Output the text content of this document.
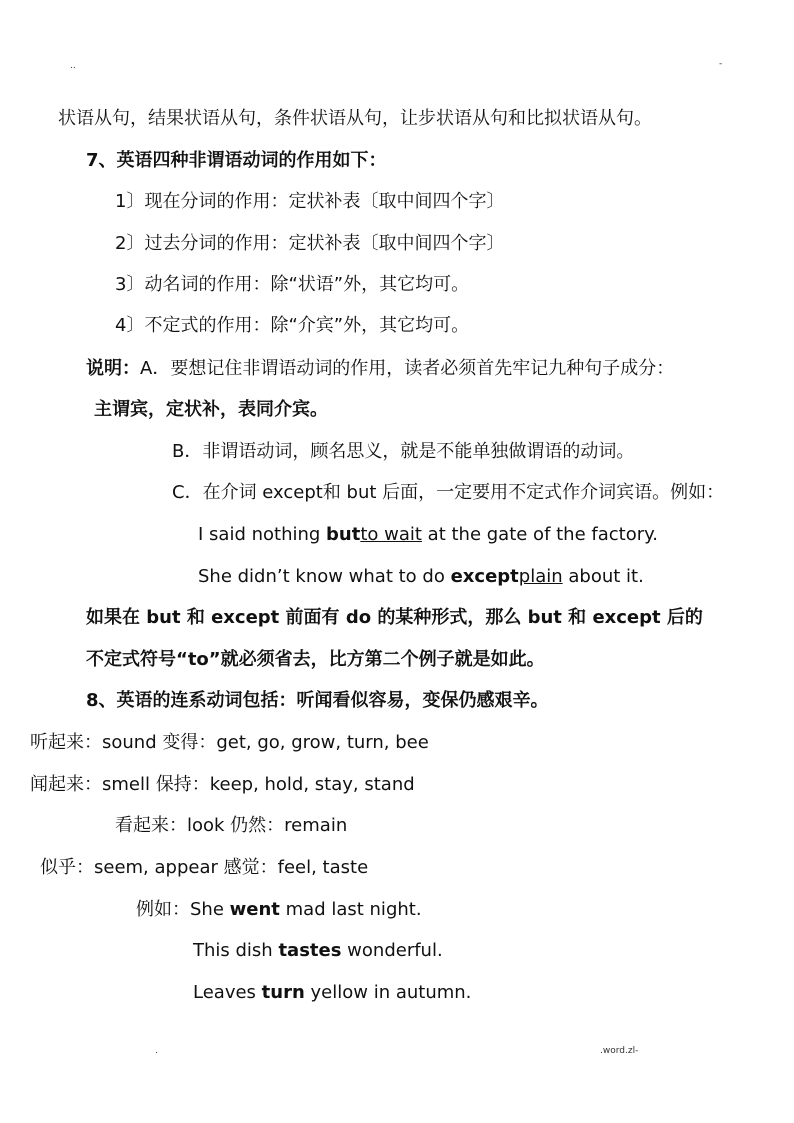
..	-
状语从句，结果状语从句，条件状语从句，让步状语从句和比拟状语从句。
7、英语四种非谓语动词的作用如下：
1〕现在分词的作用：定状补表〔取中间四个字〕
2〕过去分词的作用：定状补表〔取中间四个字〕
3〕动名词的作用：除“状语”外，其它均可。
4〕不定式的作用：除“介宾”外，其它均可。
说明：A．要想记住非谓语动词的作用，读者必须首先牢记九种句子成分：
主谓宾，定状补，表同介宾。
B．非谓语动词，顾名思义，就是不能单独做谓语的动词。
C．在介词 except和 but 后面，一定要用不定式作介词宾语。例如：
I said nothing butto wait at the gate of the factory.
She didn’t know what to do exceptplain about it.
如果在 but 和 except 前面有 do 的某种形式，那么 but 和 except 后的
不定式符号“to”就必须省去，比方第二个例子就是如此。
8、英语的连系动词包括：听闻看似容易，变保仍感艰辛。
听起来：sound 变得：get, go, grow, turn, bee
闻起来：smell 保持：keep, hold, stay, stand
看起来：look 仍然：remain
似乎：seem, appear 感觉：feel, taste
例如：She went mad last night.
This dish tastes wonderful.
Leaves turn yellow in autumn.
.	.word.zl-
